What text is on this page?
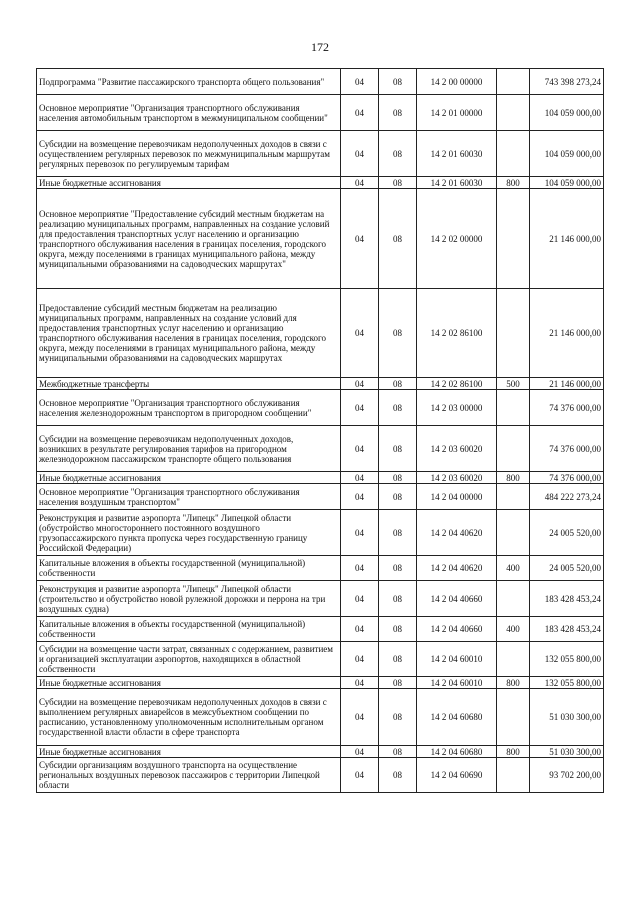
172
Подпрограмма "Развитие пассажирского транспорта общего пользования"	04	08	14 2 00 00000		743 398 273,24
Основное мероприятие "Организация транспортного обслуживания населения автомобильным транспортом в межмуниципальном сообщении"	04	08	14 2 01 00000		104 059 000,00
Субсидии на возмещение перевозчикам недополученных доходов в связи с осуществлением регулярных перевозок по межмуниципальным маршрутам регулярных перевозок по регулируемым тарифам	04	08	14 2 01 60030		104 059 000,00
Иные бюджетные ассигнования	04	08	14 2 01 60030	800	104 059 000,00
Основное мероприятие "Предоставление субсидий местным бюджетам на реализацию муниципальных программ, направленных на создание условий для предоставления транспортных услуг населению и организацию транспортного обслуживания населения в границах поселения, городского округа, между поселениями в границах муниципального района, между муниципальными образованиями на садоводческих маршрутах"	04	08	14 2 02 00000		21 146 000,00
Предоставление субсидий местным бюджетам на реализацию муниципальных программ, направленных на создание условий для предоставления транспортных услуг населению и организацию транспортного обслуживания населения в границах поселения, городского округа, между поселениями в границах муниципального района, между муниципальными образованиями на садоводческих маршрутах	04	08	14 2 02 86100		21 146 000,00
Межбюджетные трансферты	04	08	14 2 02 86100	500	21 146 000,00
Основное мероприятие "Организация транспортного обслуживания населения железнодорожным транспортом в пригородном сообщении"	04	08	14 2 03 00000		74 376 000,00
Субсидии на возмещение перевозчикам недополученных доходов, возникших в результате регулирования тарифов на пригородном железнодорожном пассажирском транспорте общего пользования	04	08	14 2 03 60020		74 376 000,00
Иные бюджетные ассигнования	04	08	14 2 03 60020	800	74 376 000,00
Основное мероприятие "Организация транспортного обслуживания населения воздушным транспортом"	04	08	14 2 04 00000		484 222 273,24
Реконструкция и развитие аэропорта "Липецк" Липецкой области (обустройство многостороннего постоянного воздушного грузопассажирского пункта пропуска через государственную границу Российской Федерации)	04	08	14 2 04 40620		24 005 520,00
Капитальные вложения в объекты государственной (муниципальной) собственности	04	08	14 2 04 40620	400	24 005 520,00
Реконструкция и развитие аэропорта "Липецк" Липецкой области (строительство и обустройство новой рулежной дорожки и перрона на три воздушных судна)	04	08	14 2 04 40660		183 428 453,24
Капитальные вложения в объекты государственной (муниципальной) собственности	04	08	14 2 04 40660	400	183 428 453,24
Субсидии на возмещение части затрат, связанных с содержанием, развитием и организацией эксплуатации аэропортов, находящихся в областной собственности	04	08	14 2 04 60010		132 055 800,00
Иные бюджетные ассигнования	04	08	14 2 04 60010	800	132 055 800,00
Субсидии на возмещение перевозчикам недополученных доходов в связи с выполнением регулярных авиарейсов в межсубъектном сообщении по расписанию, установленному уполномоченным исполнительным органом государственной власти области в сфере транспорта	04	08	14 2 04 60680		51 030 300,00
Иные бюджетные ассигнования	04	08	14 2 04 60680	800	51 030 300,00
Субсидии организациям воздушного транспорта на осуществление региональных воздушных перевозок пассажиров с территории Липецкой области	04	08	14 2 04 60690		93 702 200,00
